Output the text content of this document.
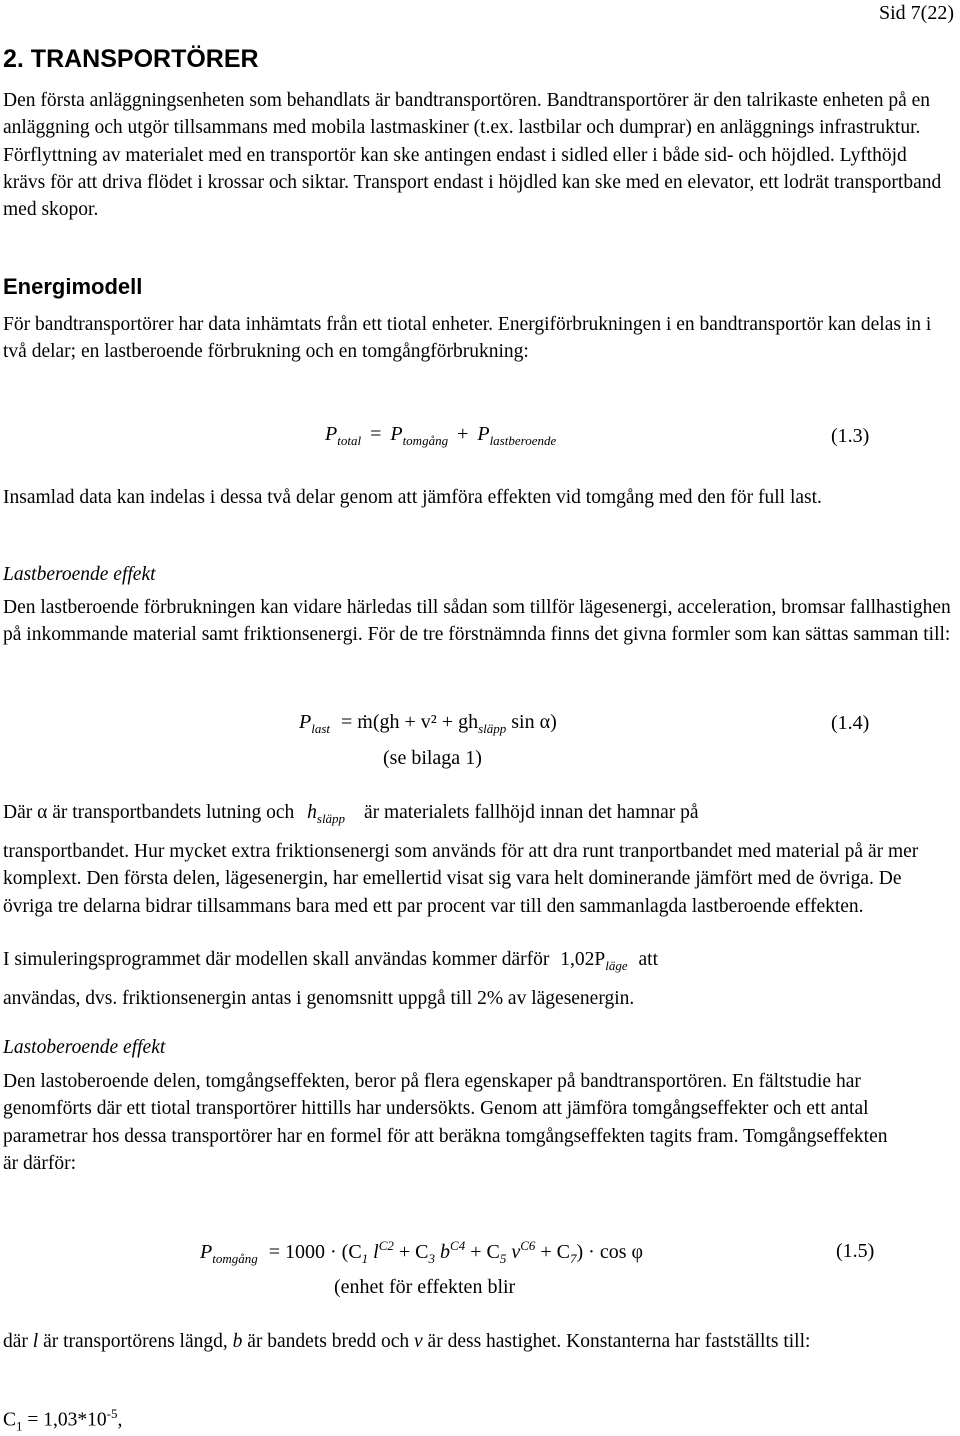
Sid 7(22)
2. TRANSPORTÖRER

Den första anläggningsenheten som behandlats är bandtransportören. Bandtransportörer är den talrikaste enheten på en anläggning och utgör tillsammans med mobila lastmaskiner (t.ex. lastbilar och dumprar) en anläggnings infrastruktur. Förflyttning av materialet med en transportör kan ske antingen endast i sidled eller i både sid- och höjdled. Lyfthöjd krävs för att driva flödet i krossar och siktar. Transport endast i höjdled kan ske med en elevator, ett lodrät transportband med skopor.

Energimodell

För bandtransportörer har data inhämtats från ett tiotal enheter. Energiförbrukningen i en bandtransportör kan delas in i två delar; en lastberoende förbrukning och en tomgångförbrukning:

$P_{total} = P_{tomgång} + P_{lastberoende}$	(1.3)

Insamlad data kan indelas i dessa två delar genom att jämföra effekten vid tomgång med den för full last.

Lastberoende effekt

Den lastberoende förbrukningen kan vidare härledas till sådan som tillför lägesenergi, acceleration, bromsar fallhastighen på inkommande material samt friktionsenergi. För de tre förstnämnda finns det givna formler som kan sättas samman till:

$P_{last}$ = ṁ(gh + $v^2 + gh_{släpp}$ sin α)	(1.4)
(se bilaga 1)
Där α är transportbandets lutning och $h_{släpp}$ är materialets fallhöjd innan det hamnar på

transportbandet. Hur mycket extra friktionsenergi som används för att dra runt tranportbandet med material på är mer komplext. Den första delen, lägesenergin, har emellertid visat sig vara helt dominerande jämfört med de övriga. De övriga tre delarna bidrar tillsammans bara med ett par procent var till den sammanlagda lastberoende effekten.

I simuleringsprogrammet där modellen skall användas kommer därför $1,02P_{läge}$ att

användas, dvs. friktionsenergin antas i genomsnitt uppgå till 2% av lägesenergin.

Lastoberoende effekt

Den lastoberoende delen, tomgångseffekten, beror på flera egenskaper på bandtransportören. En fältstudie har genomförts där ett tiotal transportörer hittills har undersökts. Genom att jämföra tomgångseffekter och ett antal parametrar hos dessa transportörer har en formel för att beräkna tomgångseffekten tagits fram. Tomgångseffekten är därför:

$P_{tomgång} = 1000 \cdot (C_1$ $l^{C2} + C_3$ $b^{C4} + C_5$ $v^{C6} + C_7) \cdot \cos \varphi$	(1.5)
(enhet för effekten blir

där l är transportörens längd, b är bandets bredd och v är dess hastighet. Konstanterna har fastställts till:

$C_1 = 1,03*10^{-5}$,
